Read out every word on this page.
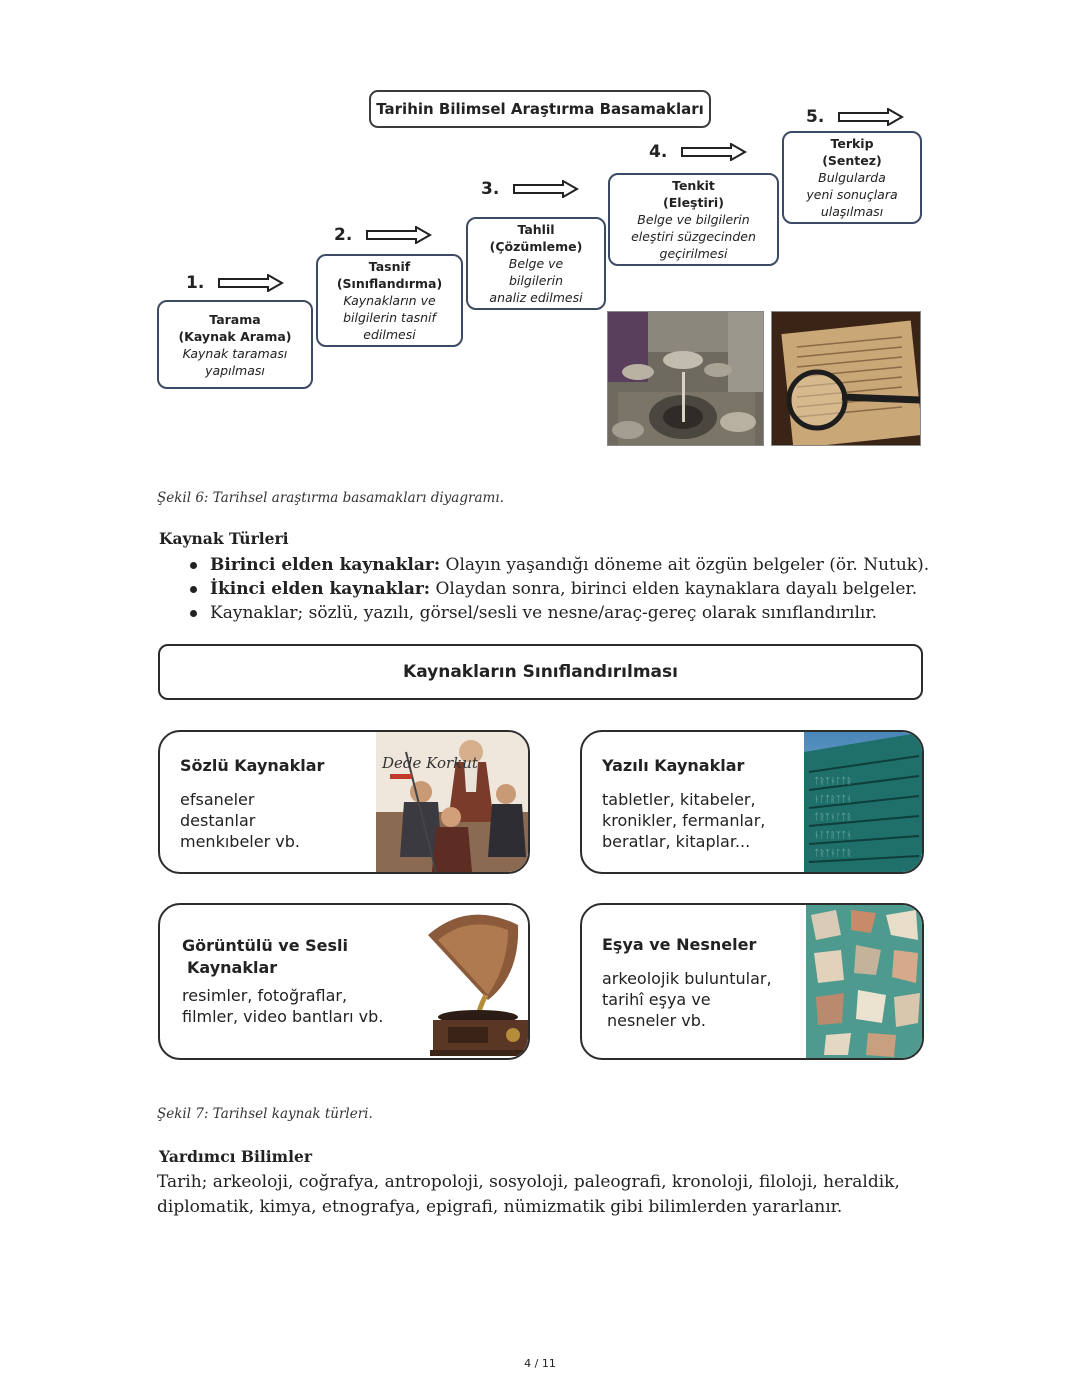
Tarihin Bilimsel Araştırma Basamakları
1.
2.
3.
4.
5.
Tarama
(Kaynak Arama)
Kaynak taraması
yapılması
Tasnif
(Sınıflandırma)
Kaynakların ve
bilgilerin tasnif
edilmesi
Tahlil
(Çözümleme)
Belge ve
bilgilerin
analiz edilmesi
Tenkit
(Eleştiri)
Belge ve bilgilerin
eleştiri süzgecinden
geçirilmesi
Terkip
(Sentez)
Bulgularda
yeni sonuçlara
ulaşılması
Şekil 6: Tarihsel araştırma basamakları diyagramı.
Kaynak Türleri
Birinci elden kaynaklar: Olayın yaşandığı döneme ait özgün belgeler (ör. Nutuk).
İkinci elden kaynaklar: Olaydan sonra, birinci elden kaynaklara dayalı belgeler.
Kaynaklar; sözlü, yazılı, görsel/sesli ve nesne/araç-gereç olarak sınıflandırılır.
Kaynakların Sınıflandırılması
Sözlü Kaynaklar
efsaneler
destanlar
menkıbeler vb.
Dede Korkut	Yazılı Kaynaklar
tabletler, kitabeler,
kronikler, fermanlar,
beratlar, kitaplar...
ᛏᚱᛉᚾᛚᛏᚱ
ᚾᛚᛏᚱᛉᛏᚾ
ᛏᚱᛉᚾᛚᛏᚱ
ᚾᛚᛏᚱᛉᛏᚾ
ᛏᚱᛉᚾᛚᛏᚱ
Görüntülü ve Sesli
Kaynaklar
resimler, fotoğraflar,
filmler, video bantları vb.
Eşya ve Nesneler
arkeolojik buluntular,
tarihî eşya ve
nesneler vb.
Şekil 7: Tarihsel kaynak türleri.
Yardımcı Bilimler
Tarih; arkeoloji, coğrafya, antropoloji, sosyoloji, paleografi, kronoloji, filoloji, heraldik,
diplomatik, kimya, etnografya, epigrafi, nümizmatik gibi bilimlerden yararlanır.
4 / 11
